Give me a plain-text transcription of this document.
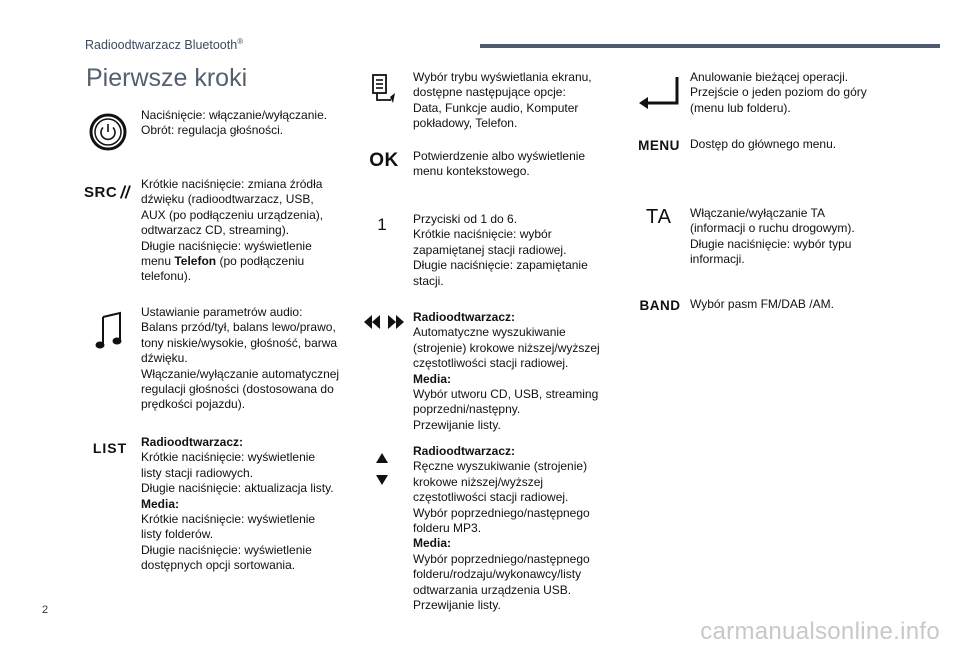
Radioodtwarzacz Bluetooth®
Pierwsze kroki

Naciśnięcie: włączanie/wyłączanie.

Obrót: regulacja głośności.

SRC Krótkie naciśnięcie: zmiana źródła

dźwięku (radioodtwarzacz, USB,

AUX (po podłączeniu urządzenia),

odtwarzacz CD, streaming).

Długie naciśnięcie: wyświetlenie

menu Telefon (po podłączeniu

telefonu).

Ustawianie parametrów audio:

Balans przód/tył, balans lewo/prawo,

tony niskie/wysokie, głośność, barwa

dźwięku.

Włączanie/wyłączanie automatycznej

regulacji głośności (dostosowana do

prędkości pojazdu).

LIST Radioodtwarzacz:

Krótkie naciśnięcie: wyświetlenie

listy stacji radiowych.

Długie naciśnięcie: aktualizacja listy.

Media:

Krótkie naciśnięcie: wyświetlenie

listy folderów.

Długie naciśnięcie: wyświetlenie

dostępnych opcji sortowania.

Wybór trybu wyświetlania ekranu,

dostępne następujące opcje:

Data, Funkcje audio, Komputer

pokładowy, Telefon.

OK Potwierdzenie albo wyświetlenie

menu kontekstowego.

1 Przyciski od 1 do 6.

Krótkie naciśnięcie: wybór

zapamiętanej stacji radiowej.

Długie naciśnięcie: zapamiętanie

stacji.

Radioodtwarzacz:

Automatyczne wyszukiwanie

(strojenie) krokowe niższej/wyższej

częstotliwości stacji radiowej.

Media:

Wybór utworu CD, USB, streaming

poprzedni/następny.

Przewijanie listy.

Radioodtwarzacz:

Ręczne wyszukiwanie (strojenie)

krokowe niższej/wyższej

częstotliwości stacji radiowej.

Wybór poprzedniego/następnego

folderu MP3.

Media:

Wybór poprzedniego/następnego

folderu/rodzaju/wykonawcy/listy

odtwarzania urządzenia USB.

Przewijanie listy.

Anulowanie bieżącej operacji.

Przejście o jeden poziom do góry

(menu lub folderu).

MENU Dostęp do głównego menu.

TA Włączanie/wyłączanie TA

(informacji o ruchu drogowym).

Długie naciśnięcie: wybór typu

informacji.

BAND Wybór pasm FM/DAB /AM.

2
carmanualsonline.info
